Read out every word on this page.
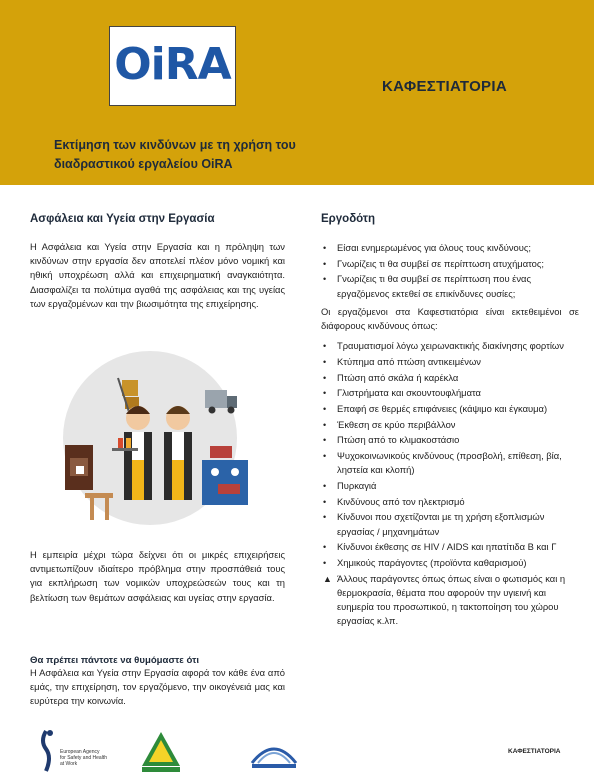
OiRA	ΚΑΦΕΣΤΙΑΤΟΡΙΑ
Εκτίμηση των κινδύνων με τη χρήση του διαδραστικού εργαλείου OiRA
Ασφάλεια και Υγεία στην Εργασία

Η Ασφάλεια και Υγεία στην Εργασία και η πρόληψη των κινδύνων στην εργασία δεν αποτελεί πλέον μόνο νομική και ηθική υποχρέωση αλλά και επιχειρηματική αναγκαιότητα. Διασφαλίζει τα πολύτιμα αγαθά της ασφάλειας και της υγείας των εργαζομένων και την βιωσιμότητα της επιχείρησης.

Η εμπειρία μέχρι τώρα δείχνει ότι οι μικρές επιχειρήσεις αντιμετωπίζουν ιδιαίτερο πρόβλημα στην προσπάθειά τους για εκπλήρωση των νομικών υποχρεώσεών τους και τη βελτίωση των θεμάτων ασφάλειας και υγείας στην εργασία.

Θα πρέπει πάντοτε να θυμόμαστε ότι

Η Ασφάλεια και Υγεία στην Εργασία αφορά τον κάθε ένα από εμάς, την επιχείρηση, τον εργαζόμενο, την οικογένειά μας και ευρύτερα την κοινωνία.

Εργοδότη
• Είσαι ενημερωμένος για όλους τους κινδύνους;
• Γνωρίζεις τι θα συμβεί σε περίπτωση ατυχήματος;
• Γνωρίζεις τι θα συμβεί σε περίπτωση που ένας εργαζόμενος εκτεθεί σε επικίνδυνες ουσίες;

Οι εργαζόμενοι στα Καφεστιατόρια είναι εκτεθειμένοι σε διάφορους κινδύνους όπως:

• Τραυματισμοί λόγω χειρωνακτικής διακίνησης φορτίων
• Κτύπημα από πτώση αντικειμένων
• Πτώση από σκάλα ή καρέκλα
• Γλιστρήματα και σκουντουφλήματα
• Επαφή σε θερμές επιφάνειες (κάψιμο και έγκαυμα)
• Έκθεση σε κρύο περιβάλλον
• Πτώση από το κλιμακοστάσιο
• Ψυχοκοινωνικούς κινδύνους (προσβολή, επίθεση, βία, ληστεία και κλοπή)
• Πυρκαγιά
• Κινδύνους από τον ηλεκτρισμό
• Κίνδυνοι που σχετίζονται με τη χρήση εξοπλισμών εργασίας / μηχανημάτων
• Κίνδυνοι έκθεσης σε HIV / AIDS και ηπατίτιδα Β και Γ
• Χημικούς παράγοντες (προϊόντα καθαρισμού)
▲ Άλλους παράγοντες όπως όπως είναι ο φωτισμός και η θερμοκρασία, θέματα που αφορούν την υγιεινή και ευημερία του προσωπικού, η τακτοποίηση του χώρου εργασίας κ.λπ.
European Agency
for Safety and Health
at Work
ΚΑΦΕΣΤΙΑΤΟΡΙΑ
